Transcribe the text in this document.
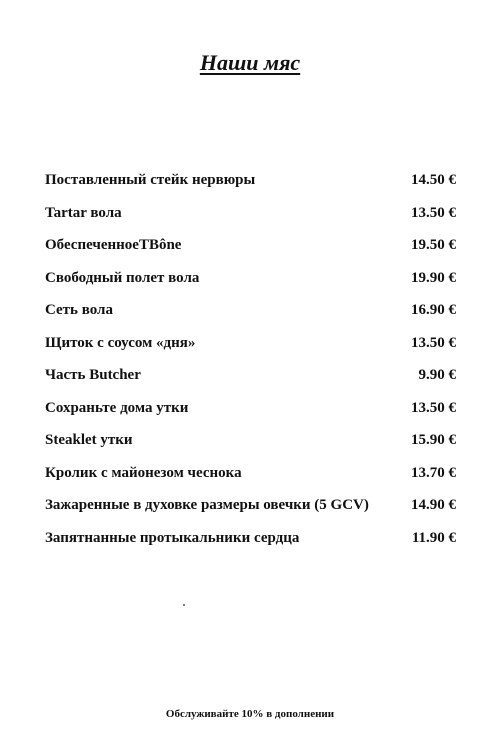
Наши мяс
Поставленный стейк нервюры	14.50 €
Tartar вола	13.50 €
ОбеспеченноеTBône	19.50 €
Свободный полет вола	19.90 €
Сеть вола	16.90 €
Щиток с соусом «дня»	13.50 €
Часть Butcher	9.90 €
Сохраньте дома утки	13.50 €
Steaklet утки	15.90 €
Кролик с майонезом чеснока	13.70 €
Зажаренные в духовке размеры овечки (5 GCV)	14.90 €
Запятнанные протыкальники сердца	11.90 €
Обслуживайте 10% в дополнении
